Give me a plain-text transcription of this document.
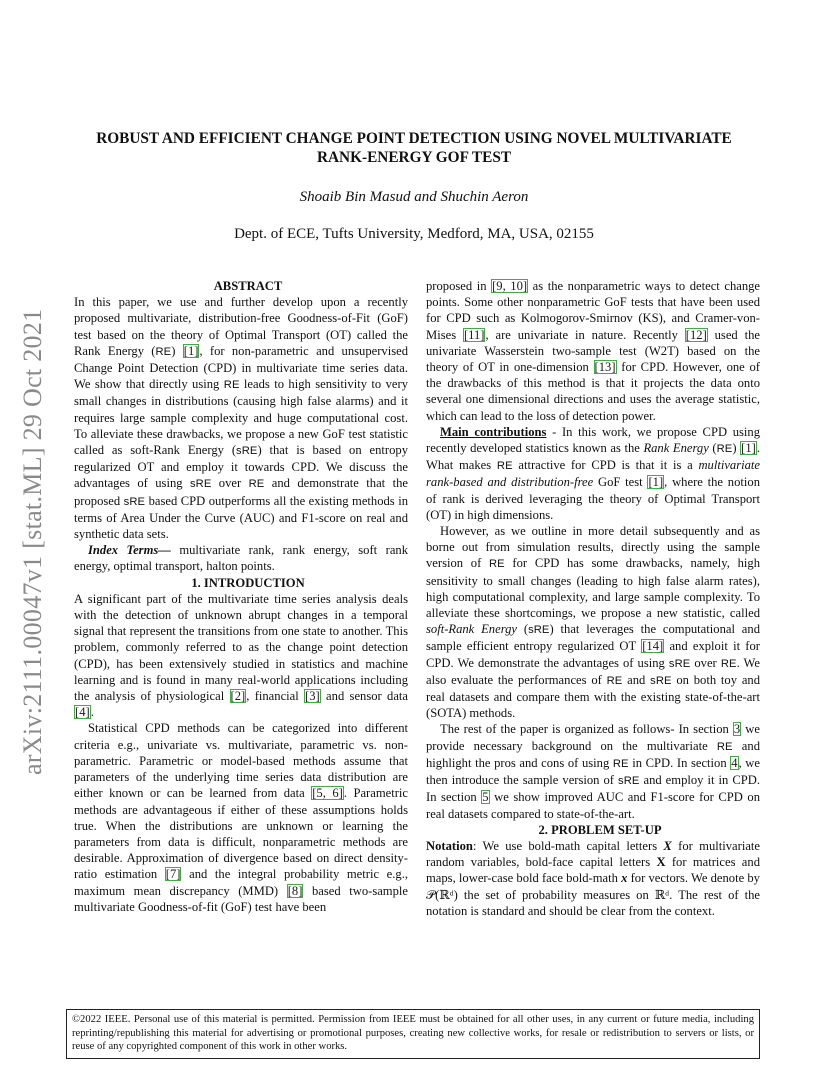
arXiv:2111.00047v1 [stat.ML] 29 Oct 2021
ROBUST AND EFFICIENT CHANGE POINT DETECTION USING NOVEL MULTIVARIATE
RANK-ENERGY GOF TEST
Shoaib Bin Masud and Shuchin Aeron
Dept. of ECE, Tufts University, Medford, MA, USA, 02155

ABSTRACT

In this paper, we use and further develop upon a recently proposed multivariate, distribution-free Goodness-of-Fit (GoF) test based on the theory of Optimal Transport (OT) called the Rank Energy (RE) [1], for non-parametric and unsupervised Change Point Detection (CPD) in multivariate time series data. We show that directly using RE leads to high sensitivity to very small changes in distributions (causing high false alarms) and it requires large sample complexity and huge computational cost. To alleviate these drawbacks, we propose a new GoF test statistic called as soft-Rank Energy (sRE) that is based on entropy regularized OT and employ it towards CPD. We discuss the advantages of using sRE over RE and demonstrate that the proposed sRE based CPD outperforms all the existing methods in terms of Area Under the Curve (AUC) and F1-score on real and synthetic data sets.

Index Terms— multivariate rank, rank energy, soft rank energy, optimal transport, halton points.

1. INTRODUCTION

A significant part of the multivariate time series analysis deals with the detection of unknown abrupt changes in a temporal signal that represent the transitions from one state to another. This problem, commonly referred to as the change point detection (CPD), has been extensively studied in statistics and machine learning and is found in many real-world applications including the analysis of physiological [2], financial [3] and sensor data [4].

Statistical CPD methods can be categorized into different criteria e.g., univariate vs. multivariate, parametric vs. non-parametric. Parametric or model-based methods assume that parameters of the underlying time series data distribution are either known or can be learned from data [5, 6]. Parametric methods are advantageous if either of these assumptions holds true. When the distributions are unknown or learning the parameters from data is difficult, nonparametric methods are desirable. Approximation of divergence based on direct density-ratio estimation [7] and the integral probability metric e.g., maximum mean discrepancy (MMD) [8] based two-sample multivariate Goodness-of-fit (GoF) test have been

proposed in [9, 10] as the nonparametric ways to detect change points. Some other nonparametric GoF tests that have been used for CPD such as Kolmogorov-Smirnov (KS), and Cramer-von-Mises [11], are univariate in nature. Recently [12] used the univariate Wasserstein two-sample test (W2T) based on the theory of OT in one-dimension [13] for CPD. However, one of the drawbacks of this method is that it projects the data onto several one dimensional directions and uses the average statistic, which can lead to the loss of detection power.

Main contributions - In this work, we propose CPD using recently developed statistics known as the Rank Energy (RE) [1]. What makes RE attractive for CPD is that it is a multivariate rank-based and distribution-free GoF test [1], where the notion of rank is derived leveraging the theory of Optimal Transport (OT) in high dimensions.

However, as we outline in more detail subsequently and as borne out from simulation results, directly using the sample version of RE for CPD has some drawbacks, namely, high sensitivity to small changes (leading to high false alarm rates), high computational complexity, and large sample complexity. To alleviate these shortcomings, we propose a new statistic, called soft-Rank Energy (sRE) that leverages the computational and sample efficient entropy regularized OT [14] and exploit it for CPD. We demonstrate the advantages of using sRE over RE. We also evaluate the performances of RE and sRE on both toy and real datasets and compare them with the existing state-of-the-art (SOTA) methods.

The rest of the paper is organized as follows- In section 3 we provide necessary background on the multivariate RE and highlight the pros and cons of using RE in CPD. In section 4, we then introduce the sample version of sRE and employ it in CPD. In section 5 we show improved AUC and F1-score for CPD on real datasets compared to state-of-the-art.

2. PROBLEM SET-UP

Notation: We use bold-math capital letters X for multivariate random variables, bold-face capital letters X for matrices and maps, lower-case bold face bold-math x for vectors. We denote by 𝒫(ℝᵈ) the set of probability measures on ℝᵈ. The rest of the notation is standard and should be clear from the context.

©2022 IEEE. Personal use of this material is permitted. Permission from IEEE must be obtained for all other uses, in any current or future media, including reprinting/republishing this material for advertising or promotional purposes, creating new collective works, for resale or redistribution to servers or lists, or reuse of any copyrighted component of this work in other works.
